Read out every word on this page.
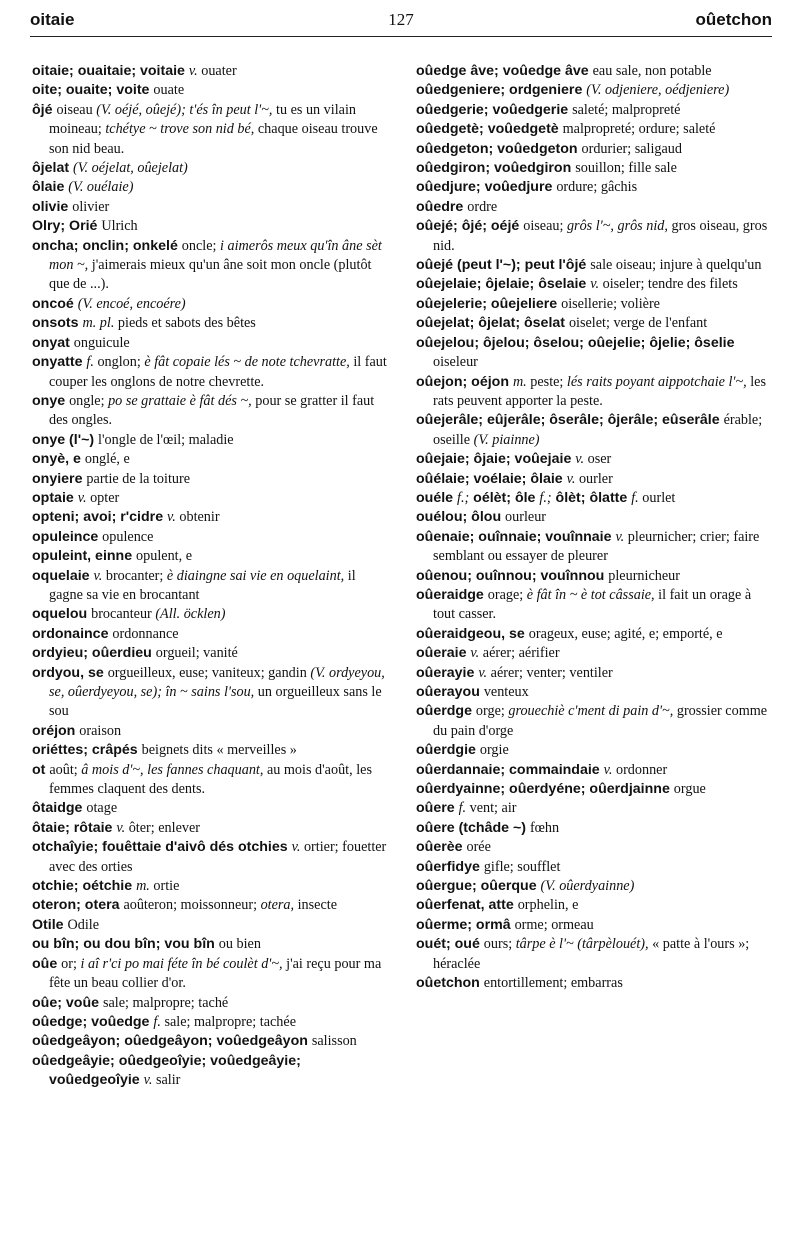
oitaie	127	oûetchon

oitaie; ouaitaie; voitaie v. ouater

oite; ouaite; voite ouate

ôjé oiseau (V. oéjé, oûejé); t'és în peut l'~, tu es un vilain moineau; tchétye ~ trove son nid bé, chaque oiseau trouve son nid beau.

ôjelat (V. oéjelat, oûejelat)

ôlaie (V. ouélaie)

olivie olivier

Olry; Orié Ulrich

oncha; onclin; onkelé oncle; i aimerôs meux qu'în âne sèt mon ~, j'aimerais mieux qu'un âne soit mon oncle (plutôt que de ...).

oncoé (V. encoé, encoére)

onsots m. pl. pieds et sabots des bêtes

onyat onguicule

onyatte f. onglon; è fât copaie lés ~ de note tchevratte, il faut couper les onglons de notre chevrette.

onye ongle; po se grattaie è fât dés ~, pour se gratter il faut des ongles.

onye (l'~) l'ongle de l'œil; maladie

onyè, e onglé, e

onyiere partie de la toiture

optaie v. opter

opteni; avoi; r'cidre v. obtenir

opuleince opulence

opuleint, einne opulent, e

oquelaie v. brocanter; è diaingne sai vie en oquelaint, il gagne sa vie en brocantant

oquelou brocanteur (All. öcklen)

ordonaince ordonnance

ordyieu; oûerdieu orgueil; vanité

ordyou, se orgueilleux, euse; vaniteux; gandin (V. ordyeyou, se, oûerdyeyou, se); în ~ sains l'sou, un orgueilleux sans le sou

oréjon oraison

oriéttes; crâpés beignets dits « merveilles »

ot août; â mois d'~, les fannes chaquant, au mois d'août, les femmes claquent des dents.

ôtaidge otage

ôtaie; rôtaie v. ôter; enlever

otchaîyie; fouêttaie d'aivô dés otchies v. ortier; fouetter avec des orties

otchie; oétchie m. ortie

oteron; otera aoûteron; moissonneur; otera, insecte

Otile Odile

ou bîn; ou dou bîn; vou bîn ou bien

oûe or; i aî r'ci po mai féte în bé coulèt d'~, j'ai reçu pour ma fête un beau collier d'or.

oûe; voûe sale; malpropre; taché

oûedge; voûedge f. sale; malpropre; tachée

oûedgeâyon; oûedgeâyon; voûedgeâyon salisson

oûedgeâyie; oûedgeoîyie; voûedgeâyie; voûedgeoîyie v. salir

oûedge âve; voûedge âve eau sale, non potable

oûedgeniere; ordgeniere (V. odjeniere, oédjeniere)

oûedgerie; voûedgerie saleté; malpropreté

oûedgetè; voûedgetè malpropreté; ordure; saleté

oûedgeton; voûedgeton ordurier; saligaud

oûedgiron; voûedgiron souillon; fille sale

oûedjure; voûedjure ordure; gâchis

oûedre ordre

oûejé; ôjé; oéjé oiseau; grôs l'~, grôs nid, gros oiseau, gros nid.

oûejé (peut l'~); peut l'ôjé sale oiseau; injure à quelqu'un

oûejelaie; ôjelaie; ôselaie v. oiseler; tendre des filets

oûejelerie; oûejeliere oisellerie; volière

oûejelat; ôjelat; ôselat oiselet; verge de l'enfant

oûejelou; ôjelou; ôselou; oûejelie; ôjelie; ôselie oiseleur

oûejon; oéjon m. peste; lés raits poyant aippotchaie l'~, les rats peuvent apporter la peste.

oûejerâle; eûjerâle; ôserâle; ôjerâle; eûserâle érable; oseille (V. piainne)

oûejaie; ôjaie; voûejaie v. oser

oûélaie; voélaie; ôlaie v. ourler

ouéle f.; oélèt; ôle f.; ôlèt; ôlatte f. ourlet

ouélou; ôlou ourleur

oûenaie; ouînnaie; vouînnaie v. pleurnicher; crier; faire semblant ou essayer de pleurer

oûenou; ouînnou; vouînnou pleurnicheur

oûeraidge orage; è fât în ~ è tot câssaie, il fait un orage à tout casser.

oûeraidgeou, se orageux, euse; agité, e; emporté, e

oûeraie v. aérer; aérifier

oûerayie v. aérer; venter; ventiler

oûerayou venteux

oûerdge orge; grouechiè c'ment di pain d'~, grossier comme du pain d'orge

oûerdgie orgie

oûerdannaie; commaindaie v. ordonner

oûerdyainne; oûerdyéne; oûerdjainne orgue

oûere f. vent; air

oûere (tchâde ~) fœhn

oûerèe orée

oûerfidye gifle; soufflet

oûergue; oûerque (V. oûerdyainne)

oûerfenat, atte orphelin, e

oûerme; ormâ orme; ormeau

ouét; oué ours; târpe è l'~ (târpèlouét), « patte à l'ours »; héraclée

oûetchon entortillement; embarras
